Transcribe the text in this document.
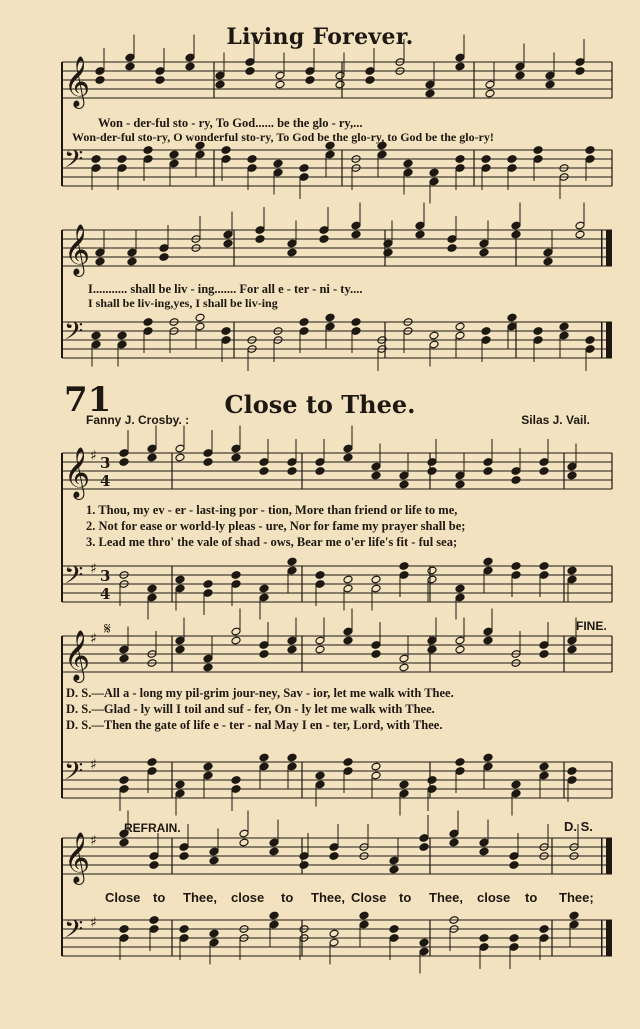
Living Forever.
𝄞
𝄞
𝄞
𝄞
𝄞
𝄢
𝄢
𝄢
𝄢
𝄢
♯
♯
♯
♯
♯
♯
3
4
3
4
𝄋
Won - der-ful sto - ry, To God...... be the glo - ry,...
Won-der-ful sto-ry, O wonderful sto-ry, To God be the glo-ry, to God be the glo-ry!
I........... shall be liv - ing....... For all e - ter - ni - ty....
I shall be liv-ing,yes, I shall be liv-ing
71	Close to Thee.
Fanny J. Crosby. :	Silas J. Vail.
1. Thou, my ev - er - last-ing por - tion, More than friend or life to me,
2. Not for ease or world-ly pleas - ure, Nor for fame my prayer shall be;
3. Lead me thro' the vale of shad - ows, Bear me o'er life's fit - ful sea;
FINE.
D. S.—All a - long my pil-grim jour-ney, Sav - ior, let me walk with Thee.
D. S.—Glad - ly will I toil and suf - fer, On - ly let me walk with Thee.
D. S.—Then the gate of life e - ter - nal May I en - ter, Lord, with Thee.
REFRAIN.	D. S.
Close to Thee, close to Thee, Close to Thee, close to Thee;
